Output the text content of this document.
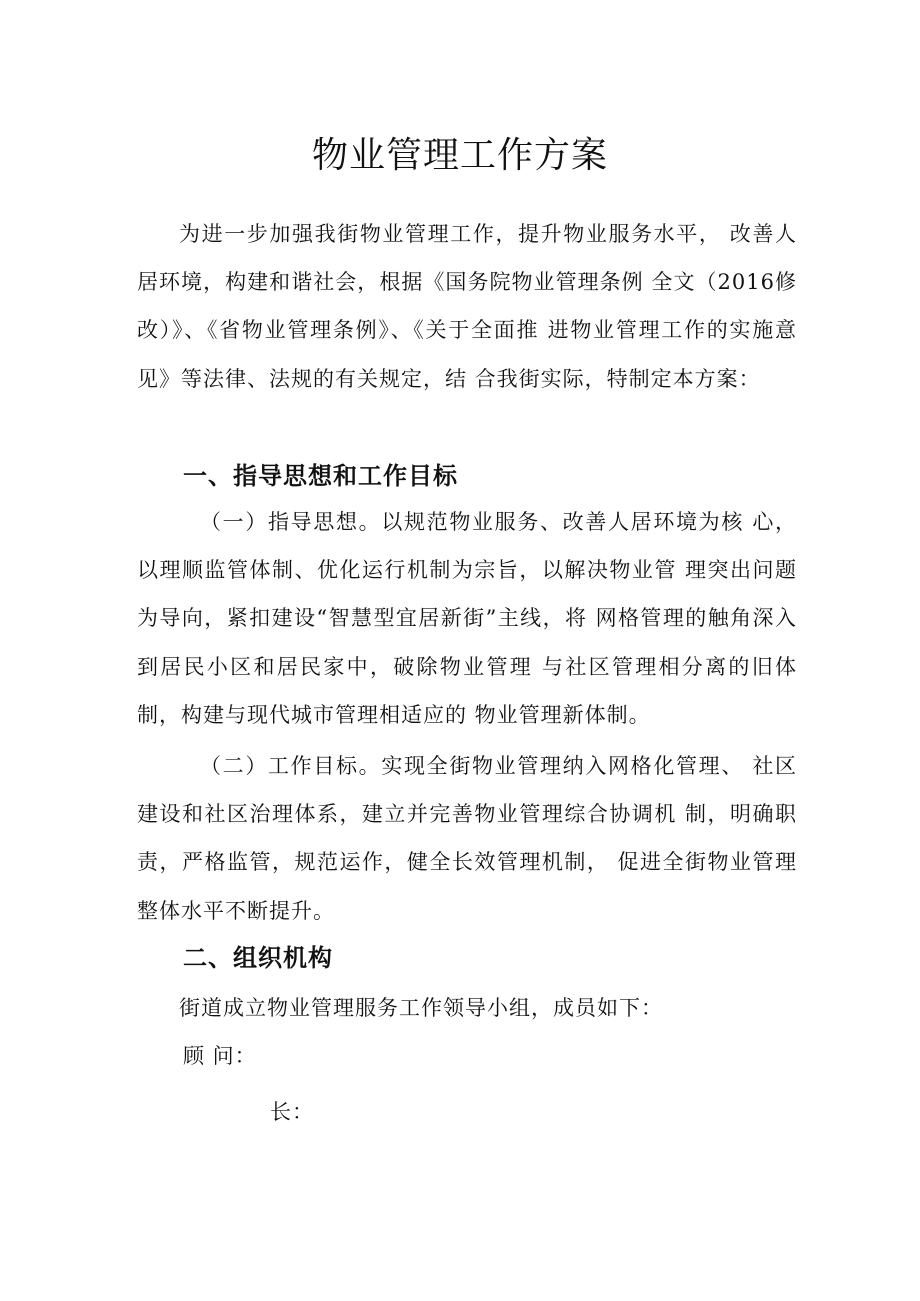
物业管理工作方案

为进一步加强我街物业管理工作，提升物业服务水平， 改善人居环境，构建和谐社会，根据《国务院物业管理条例 全文（2016修改）》、《省物业管理条例》、《关于全面推 进物业管理工作的实施意见》等法律、法规的有关规定，结 合我街实际，特制定本方案：

一、指导思想和工作目标

（一）指导思想。以规范物业服务、改善人居环境为核 心，以理顺监管体制、优化运行机制为宗旨，以解决物业管 理突出问题为导向，紧扣建设“智慧型宜居新街”主线，将 网格管理的触角深入到居民小区和居民家中，破除物业管理 与社区管理相分离的旧体制，构建与现代城市管理相适应的 物业管理新体制。

（二）工作目标。实现全街物业管理纳入网格化管理、 社区建设和社区治理体系，建立并完善物业管理综合协调机 制，明确职责，严格监管，规范运作，健全长效管理机制， 促进全街物业管理整体水平不断提升。

二、组织机构

街道成立物业管理服务工作领导小组，成员如下：

顾 问：
长：
